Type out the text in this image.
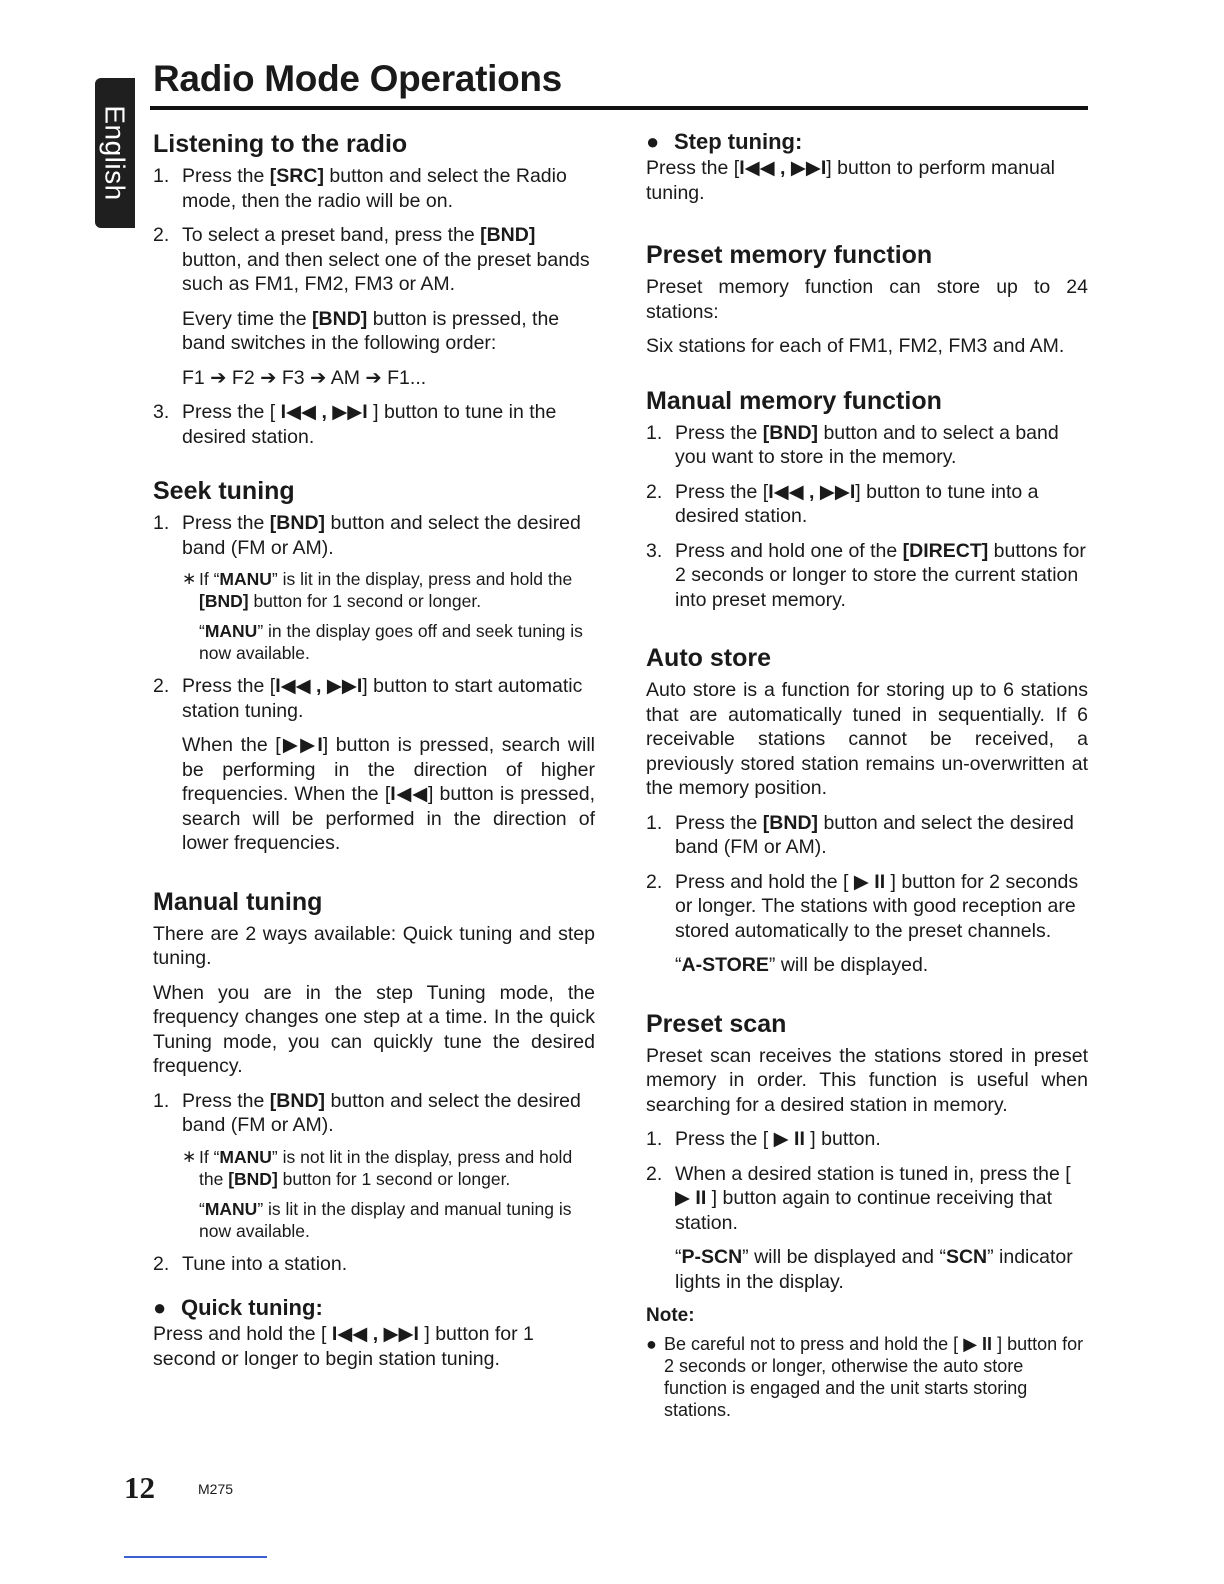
English
Radio Mode Operations
Listening to the radio
1. Press the [SRC] button and select the Radio mode, then the radio will be on.

2. To select a preset band, press the [BND] button, and then select one of the preset bands such as FM1, FM2, FM3 or AM.

Every time the [BND] button is pressed, the band switches in the following order:

F1 ➔ F2 ➔ F3 ➔ AM ➔ F1...

3. Press the [ I◀◀ , ▶▶I ] button to tune in the desired station.

Seek tuning
1. Press the [BND] button and select the desired band (FM or AM).

∗ If “MANU” is lit in the display, press and hold the [BND] button for 1 second or longer.

“MANU” in the display goes off and seek tuning is now available.

2. Press the [I◀◀ , ▶▶I] button to start automatic station tuning.

When the [▶▶I] button is pressed, search will be performing in the direction of higher frequencies. When the [I◀◀] button is pressed, search will be performed in the direction of lower frequencies.

Manual tuning

There are 2 ways available: Quick tuning and step tuning.

When you are in the step Tuning mode, the frequency changes one step at a time. In the quick Tuning mode, you can quickly tune the desired frequency.

1. Press the [BND] button and select the desired band (FM or AM).

∗ If “MANU” is not lit in the display, press and hold the [BND] button for 1 second or longer.

“MANU” is lit in the display and manual tuning is now available.

2. Tune into a station.

● Quick tuning:

Press and hold the [ I◀◀ , ▶▶I ] button for 1 second or longer to begin station tuning.

● Step tuning:

Press the [I◀◀ , ▶▶I] button to perform manual tuning.

Preset memory function

Preset memory function can store up to 24 stations:

Six stations for each of FM1, FM2, FM3 and AM.

Manual memory function
1. Press the [BND] button and to select a band you want to store in the memory.

2. Press the [I◀◀ , ▶▶I] button to tune into a desired station.

3. Press and hold one of the [DIRECT] buttons for 2 seconds or longer to store the current station into preset memory.

Auto store

Auto store is a function for storing up to 6 stations that are automatically tuned in sequentially. If 6 receivable stations cannot be received, a previously stored station remains un-overwritten at the memory position.

1. Press the [BND] button and select the desired band (FM or AM).

2. Press and hold the [ ▶ II ] button for 2 seconds or longer. The stations with good reception are stored automatically to the preset channels.

“A-STORE” will be displayed.

Preset scan

Preset scan receives the stations stored in preset memory in order. This function is useful when searching for a desired station in memory.

1. Press the [ ▶ II ] button.

2. When a desired station is tuned in, press the [ ▶ II ] button again to continue receiving that station.

“P-SCN” will be displayed and “SCN” indicator lights in the display.

Note:

● Be careful not to press and hold the [ ▶ II ] button for 2 seconds or longer, otherwise the auto store function is engaged and the unit starts storing stations.

12	M275
